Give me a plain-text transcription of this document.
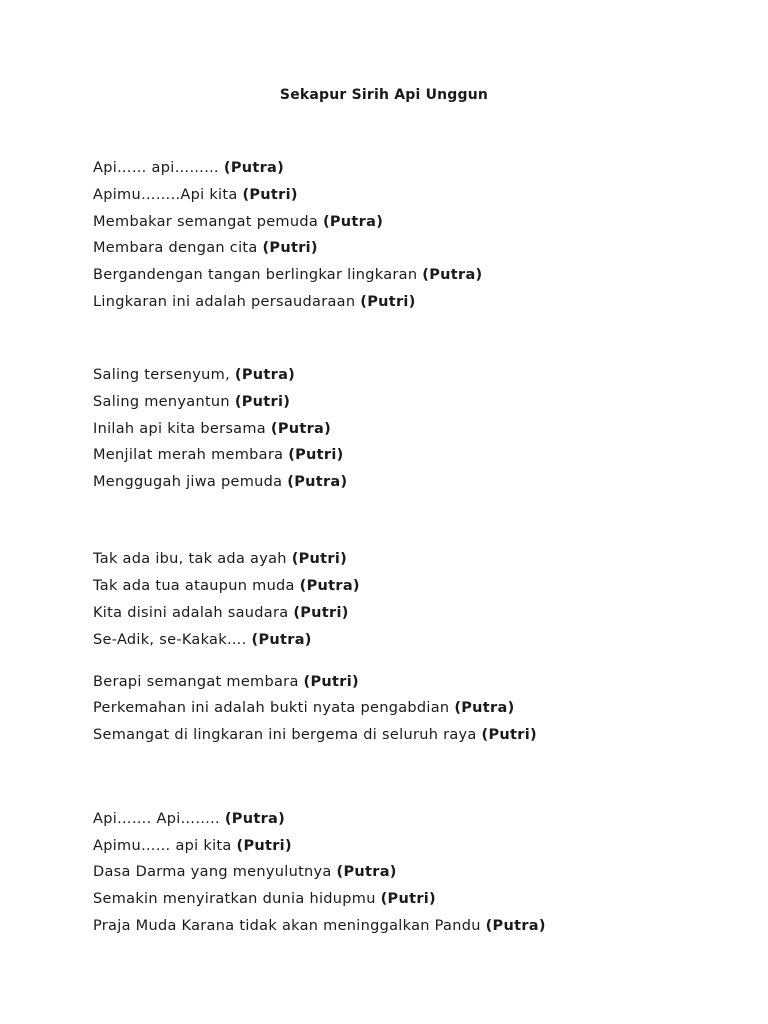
Sekapur Sirih Api Unggun
Api…… api……… (Putra)
Apimu……..Api kita (Putri)
Membakar semangat pemuda (Putra)
Membara dengan cita (Putri)
Bergandengan tangan berlingkar lingkaran (Putra)
Lingkaran ini adalah persaudaraan (Putri)
Saling tersenyum, (Putra)
Saling menyantun (Putri)
Inilah api kita bersama (Putra)
Menjilat merah membara (Putri)
Menggugah jiwa pemuda (Putra)
Tak ada ibu, tak ada ayah (Putri)
Tak ada tua ataupun muda (Putra)
Kita disini adalah saudara (Putri)
Se-Adik, se-Kakak…. (Putra)
Berapi semangat membara (Putri)
Perkemahan ini adalah bukti nyata pengabdian (Putra)
Semangat di lingkaran ini bergema di seluruh raya (Putri)
Api……. Api…….. (Putra)
Apimu…… api kita (Putri)
Dasa Darma yang menyulutnya (Putra)
Semakin menyiratkan dunia hidupmu (Putri)
Praja Muda Karana tidak akan meninggalkan Pandu (Putra)
